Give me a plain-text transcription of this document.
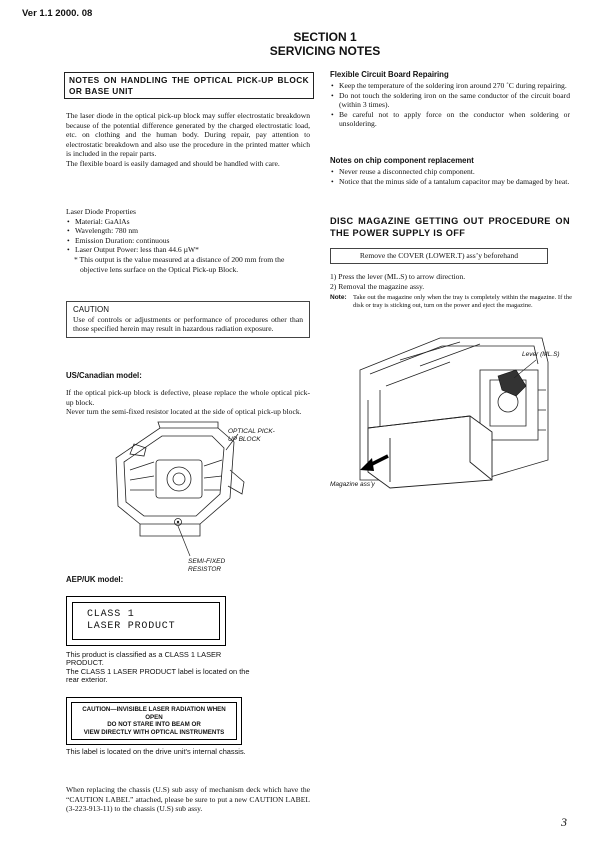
Ver 1.1 2000. 08
SECTION 1
SERVICING NOTES
NOTES ON HANDLING THE OPTICAL PICK-UP BLOCK OR BASE UNIT
The laser diode in the optical pick-up block may suffer electrostatic breakdown because of the potential difference generated by the charged electrostatic load, etc. on clothing and the human body. During repair, pay attention to electrostatic breakdown and also use the procedure in the printed matter which is included in the repair parts.
The flexible board is easily damaged and should be handled with care.
Laser Diode Properties
• Material: GaAlAs
• Wavelength: 780 nm
• Emission Duration: continuous
• Laser Output Power: less than 44.6 µW*
* This output is the value measured at a distance of 200 mm from the objective lens surface on the Optical Pick-up Block.
CAUTION
Use of controls or adjustments or performance of procedures other than those specified herein may result in hazardous radiation exposure.
US/Canadian model:
If the optical pick-up block is defective, please replace the whole optical pick-up block.
Never turn the semi-fixed resistor located at the side of optical pick-up block.
OPTICAL PICK-UP BLOCK
SEMI-FIXED RESISTOR
AEP/UK model:
CLASS 1
LASER PRODUCT
This product is classified as a CLASS 1 LASER PRODUCT.
The CLASS 1 LASER PRODUCT label is located on the rear exterior.
CAUTION—INVISIBLE LASER RADIATION WHEN OPEN
DO NOT STARE INTO BEAM OR
VIEW DIRECTLY WITH OPTICAL INSTRUMENTS
This label is located on the drive unit's internal chassis.
When replacing the chassis (U.S) sub assy of mechanism deck which have the “CAUTION LABEL” attached, please be sure to put a new CAUTION LABEL (3-223-913-11) to the chassis (U.S) sub assy.
Flexible Circuit Board Repairing
• Keep the temperature of the soldering iron around 270 ˚C during repairing.
• Do not touch the soldering iron on the same conductor of the circuit board (within 3 times).
• Be careful not to apply force on the conductor when soldering or unsoldering.
Notes on chip component replacement
• Never reuse a disconnected chip component.
• Notice that the minus side of a tantalum capacitor may be damaged by heat.
DISC MAGAZINE GETTING OUT PROCEDURE ON THE POWER SUPPLY IS OFF
Remove the COVER (LOWER.T) ass’y beforehand
1) Press the lever (ML.S) to arrow direction.
2) Removal the magazine assy.
Note: Take out the magazine only when the tray is completely within the magazine. If the disk or tray is sticking out, turn on the power and eject the magazine.
Lever (ML.S)
Magazine ass’y
3
